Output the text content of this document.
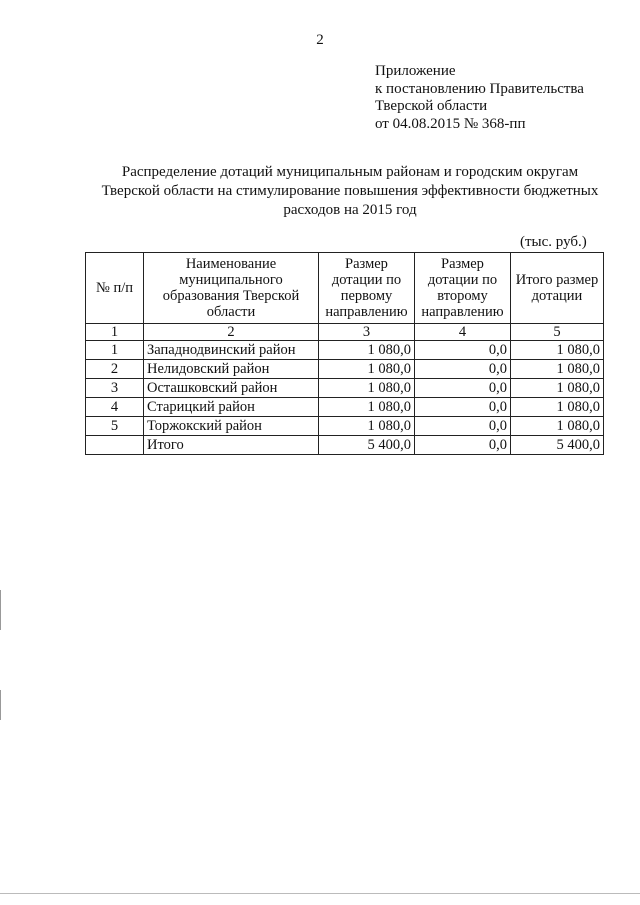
2
Приложение
к постановлению Правительства
Тверской области
от 04.08.2015 № 368-пп
Распределение дотаций муниципальным районам и городским округам
Тверской области на стимулирование повышения эффективности бюджетных
расходов на 2015 год
(тыс. руб.)
№ п/п	Наименование муниципального образования Тверской области	Размер дотации по первому направлению	Размер дотации по второму направлению	Итого размер дотации
1	2	3	4	5
1	Западнодвинский район	1 080,0	0,0	1 080,0
2	Нелидовский район	1 080,0	0,0	1 080,0
3	Осташковский район	1 080,0	0,0	1 080,0
4	Старицкий район	1 080,0	0,0	1 080,0
5	Торжокский район	1 080,0	0,0	1 080,0
	Итого	5 400,0	0,0	5 400,0
